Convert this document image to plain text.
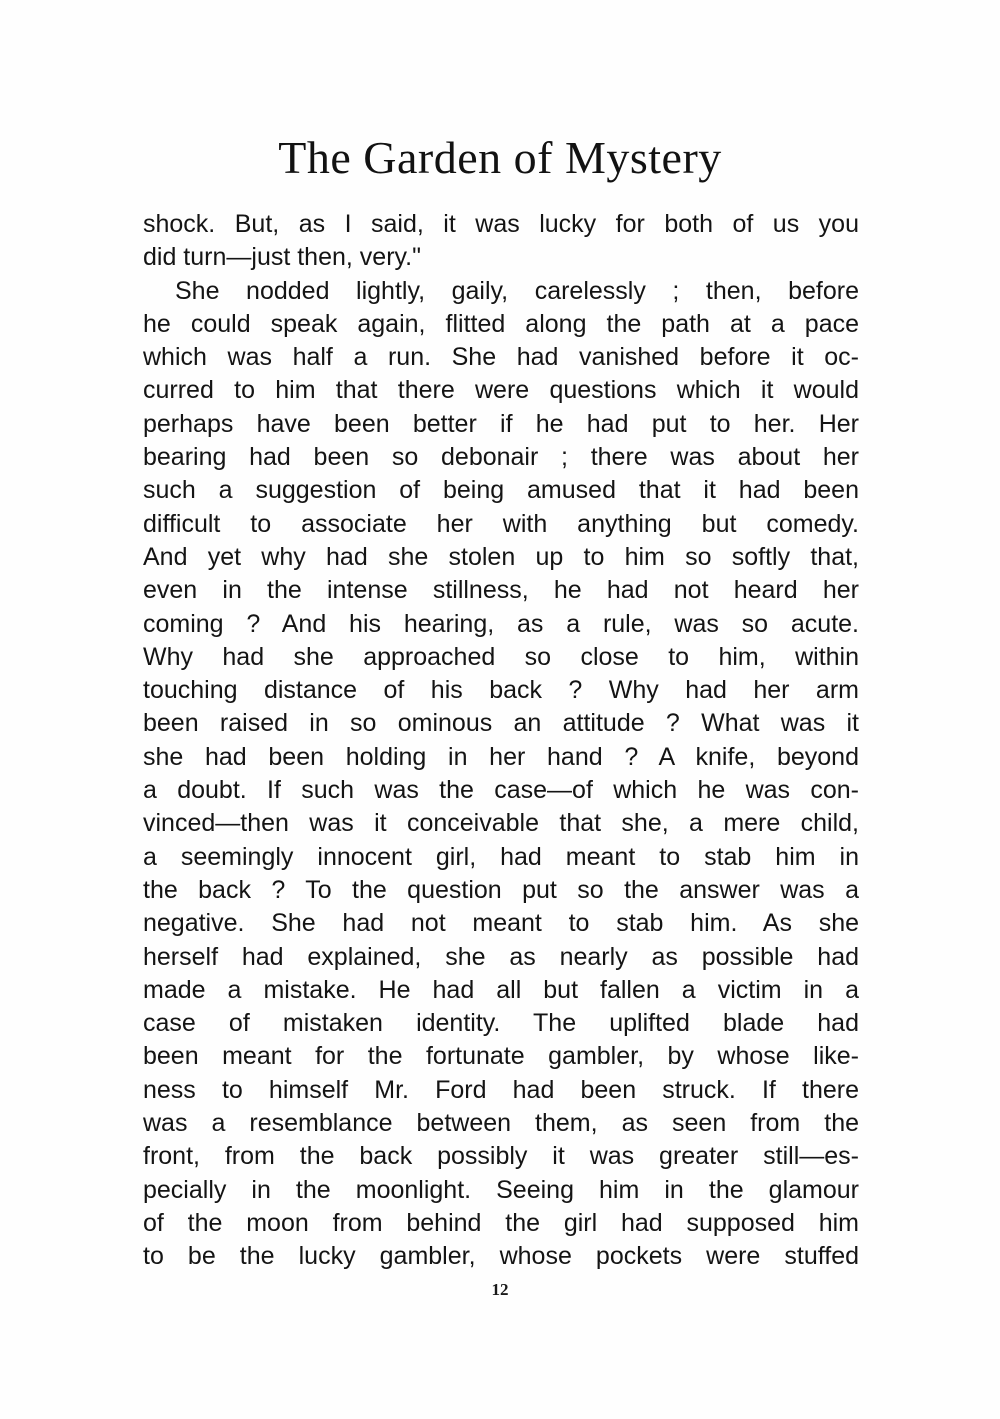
The Garden of Mystery
shock. But, as I said, it was lucky for both of us you
did turn—just then, very."
She nodded lightly, gaily, carelessly ; then, before
he could speak again, flitted along the path at a pace
which was half a run. She had vanished before it oc-
curred to him that there were questions which it would
perhaps have been better if he had put to her. Her
bearing had been so debonair ; there was about her
such a suggestion of being amused that it had been
difficult to associate her with anything but comedy.
And yet why had she stolen up to him so softly that,
even in the intense stillness, he had not heard her
coming ? And his hearing, as a rule, was so acute.
Why had she approached so close to him, within
touching distance of his back ? Why had her arm
been raised in so ominous an attitude ? What was it
she had been holding in her hand ? A knife, beyond
a doubt. If such was the case—of which he was con-
vinced—then was it conceivable that she, a mere child,
a seemingly innocent girl, had meant to stab him in
the back ? To the question put so the answer was a
negative. She had not meant to stab him. As she
herself had explained, she as nearly as possible had
made a mistake. He had all but fallen a victim in a
case of mistaken identity. The uplifted blade had
been meant for the fortunate gambler, by whose like-
ness to himself Mr. Ford had been struck. If there
was a resemblance between them, as seen from the
front, from the back possibly it was greater still—es-
pecially in the moonlight. Seeing him in the glamour
of the moon from behind the girl had supposed him
to be the lucky gambler, whose pockets were stuffed
12
